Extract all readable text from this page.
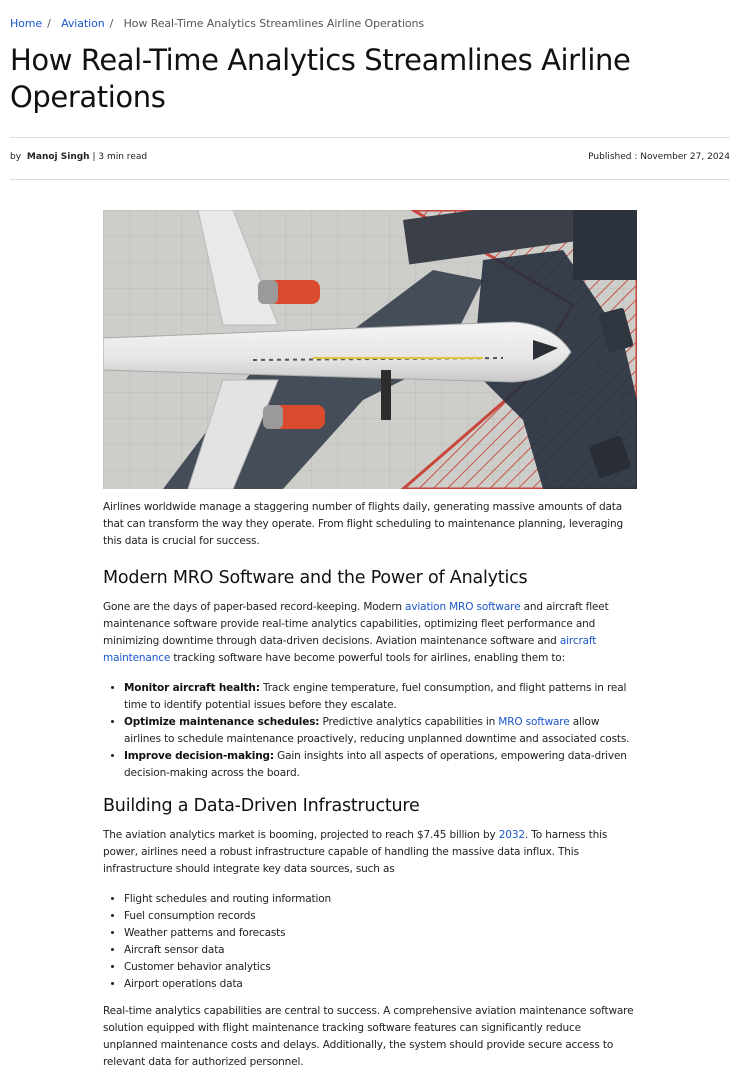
Home / Aviation / How Real-Time Analytics Streamlines Airline Operations
How Real-Time Analytics Streamlines Airline Operations
by Manoj Singh | 3 min read	Published : November 27, 2024

Airlines worldwide manage a staggering number of flights daily, generating massive amounts of data that can transform the way they operate. From flight scheduling to maintenance planning, leveraging this data is crucial for success.

Modern MRO Software and the Power of Analytics

Gone are the days of paper-based record-keeping. Modern aviation MRO software and aircraft fleet maintenance software provide real-time analytics capabilities, optimizing fleet performance and minimizing downtime through data-driven decisions. Aviation maintenance software and aircraft maintenance tracking software have become powerful tools for airlines, enabling them to:

• Monitor aircraft health: Track engine temperature, fuel consumption, and flight patterns in real time to identify potential issues before they escalate.
• Optimize maintenance schedules: Predictive analytics capabilities in MRO software allow airlines to schedule maintenance proactively, reducing unplanned downtime and associated costs.
• Improve decision-making: Gain insights into all aspects of operations, empowering data-driven decision-making across the board.
Building a Data-Driven Infrastructure

The aviation analytics market is booming, projected to reach $7.45 billion by 2032. To harness this power, airlines need a robust infrastructure capable of handling the massive data influx. This infrastructure should integrate key data sources, such as

• Flight schedules and routing information
• Fuel consumption records
• Weather patterns and forecasts
• Aircraft sensor data
• Customer behavior analytics
• Airport operations data

Real-time analytics capabilities are central to success. A comprehensive aviation maintenance software solution equipped with flight maintenance tracking software features can significantly reduce unplanned maintenance costs and delays. Additionally, the system should provide secure access to relevant data for authorized personnel.
